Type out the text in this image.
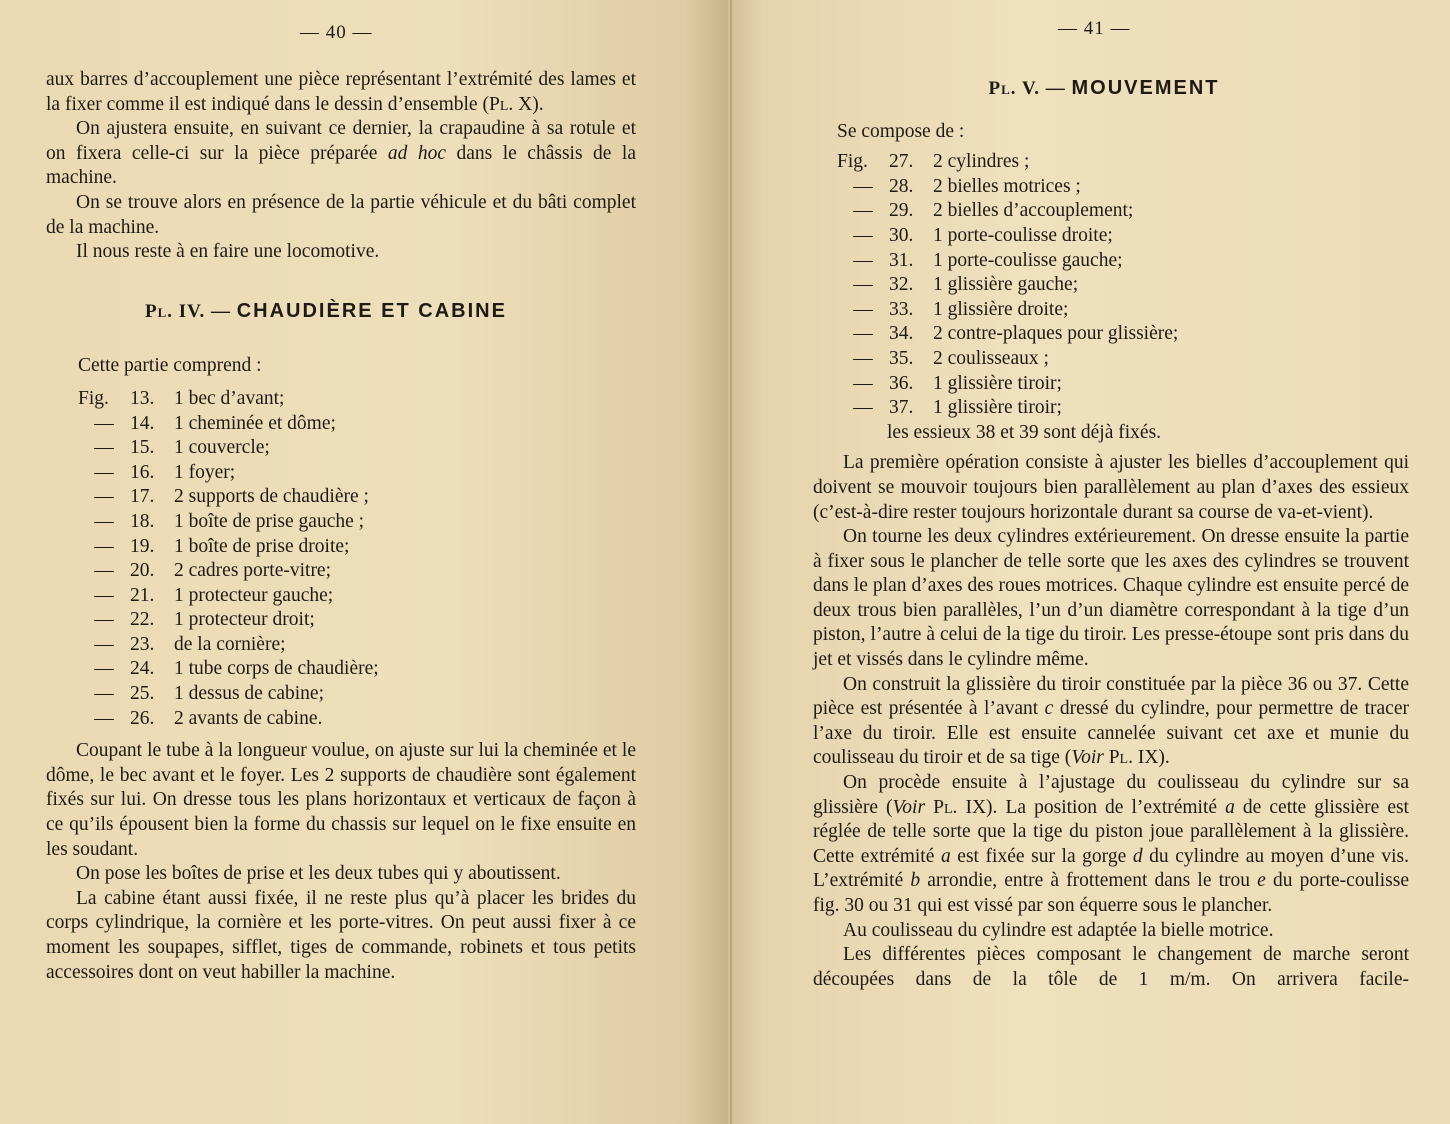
— 40 —

aux barres d’accouplement une pièce représentant l’extrémité des lames et la fixer comme il est indiqué dans le dessin d’ensemble (Pl. X).

On ajustera ensuite, en suivant ce dernier, la crapaudine à sa rotule et on fixera celle-ci sur la pièce préparée ad hoc dans le châssis de la machine.

On se trouve alors en présence de la partie véhicule et du bâti complet de la machine.

Il nous reste à en faire une locomotive.

Pl. IV. — CHAUDIÈRE ET CABINE

Cette partie comprend :

Fig.	13.	1 bec d’avant;
— 14.	1 cheminée et dôme;
— 15.	1 couvercle;
— 16.	1 foyer;
— 17.	2 supports de chaudière ;
— 18.	1 boîte de prise gauche ;
— 19.	1 boîte de prise droite;
— 20.	2 cadres porte-vitre;
— 21.	1 protecteur gauche;
— 22.	1 protecteur droit;
— 23.	de la cornière;
— 24.	1 tube corps de chaudière;
— 25.	1 dessus de cabine;
— 26.	2 avants de cabine.

Coupant le tube à la longueur voulue, on ajuste sur lui la cheminée et le dôme, le bec avant et le foyer. Les 2 supports de chaudière sont également fixés sur lui. On dresse tous les plans horizontaux et verticaux de façon à ce qu’ils épousent bien la forme du chassis sur lequel on le fixe ensuite en les soudant.

On pose les boîtes de prise et les deux tubes qui y aboutissent.

La cabine étant aussi fixée, il ne reste plus qu’à placer les brides du corps cylindrique, la cornière et les porte-vitres. On peut aussi fixer à ce moment les soupapes, sifflet, tiges de commande, robinets et tous petits accessoires dont on veut habiller la machine.

— 41 —
Pl. V. — MOUVEMENT

Se compose de :

Fig.	27.	2 cylindres ;
— 28.	2 bielles motrices ;
— 29.	2 bielles d’accouplement;
— 30.	1 porte-coulisse droite;
— 31.	1 porte-coulisse gauche;
— 32.	1 glissière gauche;
— 33.	1 glissière droite;
— 34.	2 contre-plaques pour glissière;
— 35.	2 coulisseaux ;
— 36.	1 glissière tiroir;
— 37.	1 glissière tiroir;

les essieux 38 et 39 sont déjà fixés.

La première opération consiste à ajuster les bielles d’accouplement qui doivent se mouvoir toujours bien parallèlement au plan d’axes des essieux (c’est-à-dire rester toujours horizontale durant sa course de va-et-vient).

On tourne les deux cylindres extérieurement. On dresse ensuite la partie à fixer sous le plancher de telle sorte que les axes des cylindres se trouvent dans le plan d’axes des roues motrices. Chaque cylindre est ensuite percé de deux trous bien parallèles, l’un d’un diamètre correspondant à la tige d’un piston, l’autre à celui de la tige du tiroir. Les presse-étoupe sont pris dans du jet et vissés dans le cylindre même.

On construit la glissière du tiroir constituée par la pièce 36 ou 37. Cette pièce est présentée à l’avant c dressé du cylindre, pour permettre de tracer l’axe du tiroir. Elle est ensuite cannelée suivant cet axe et munie du coulisseau du tiroir et de sa tige (Voir Pl. IX).

On procède ensuite à l’ajustage du coulisseau du cylindre sur sa glissière (Voir Pl. IX). La position de l’extrémité a de cette glissière est réglée de telle sorte que la tige du piston joue parallèlement à la glissière. Cette extrémité a est fixée sur la gorge d du cylindre au moyen d’une vis. L’extrémité b arrondie, entre à frottement dans le trou e du porte-coulisse fig. 30 ou 31 qui est vissé par son équerre sous le plancher.

Au coulisseau du cylindre est adaptée la bielle motrice.

Les différentes pièces composant le changement de marche seront découpées dans de la tôle de 1 m/m. On arrivera facile-
